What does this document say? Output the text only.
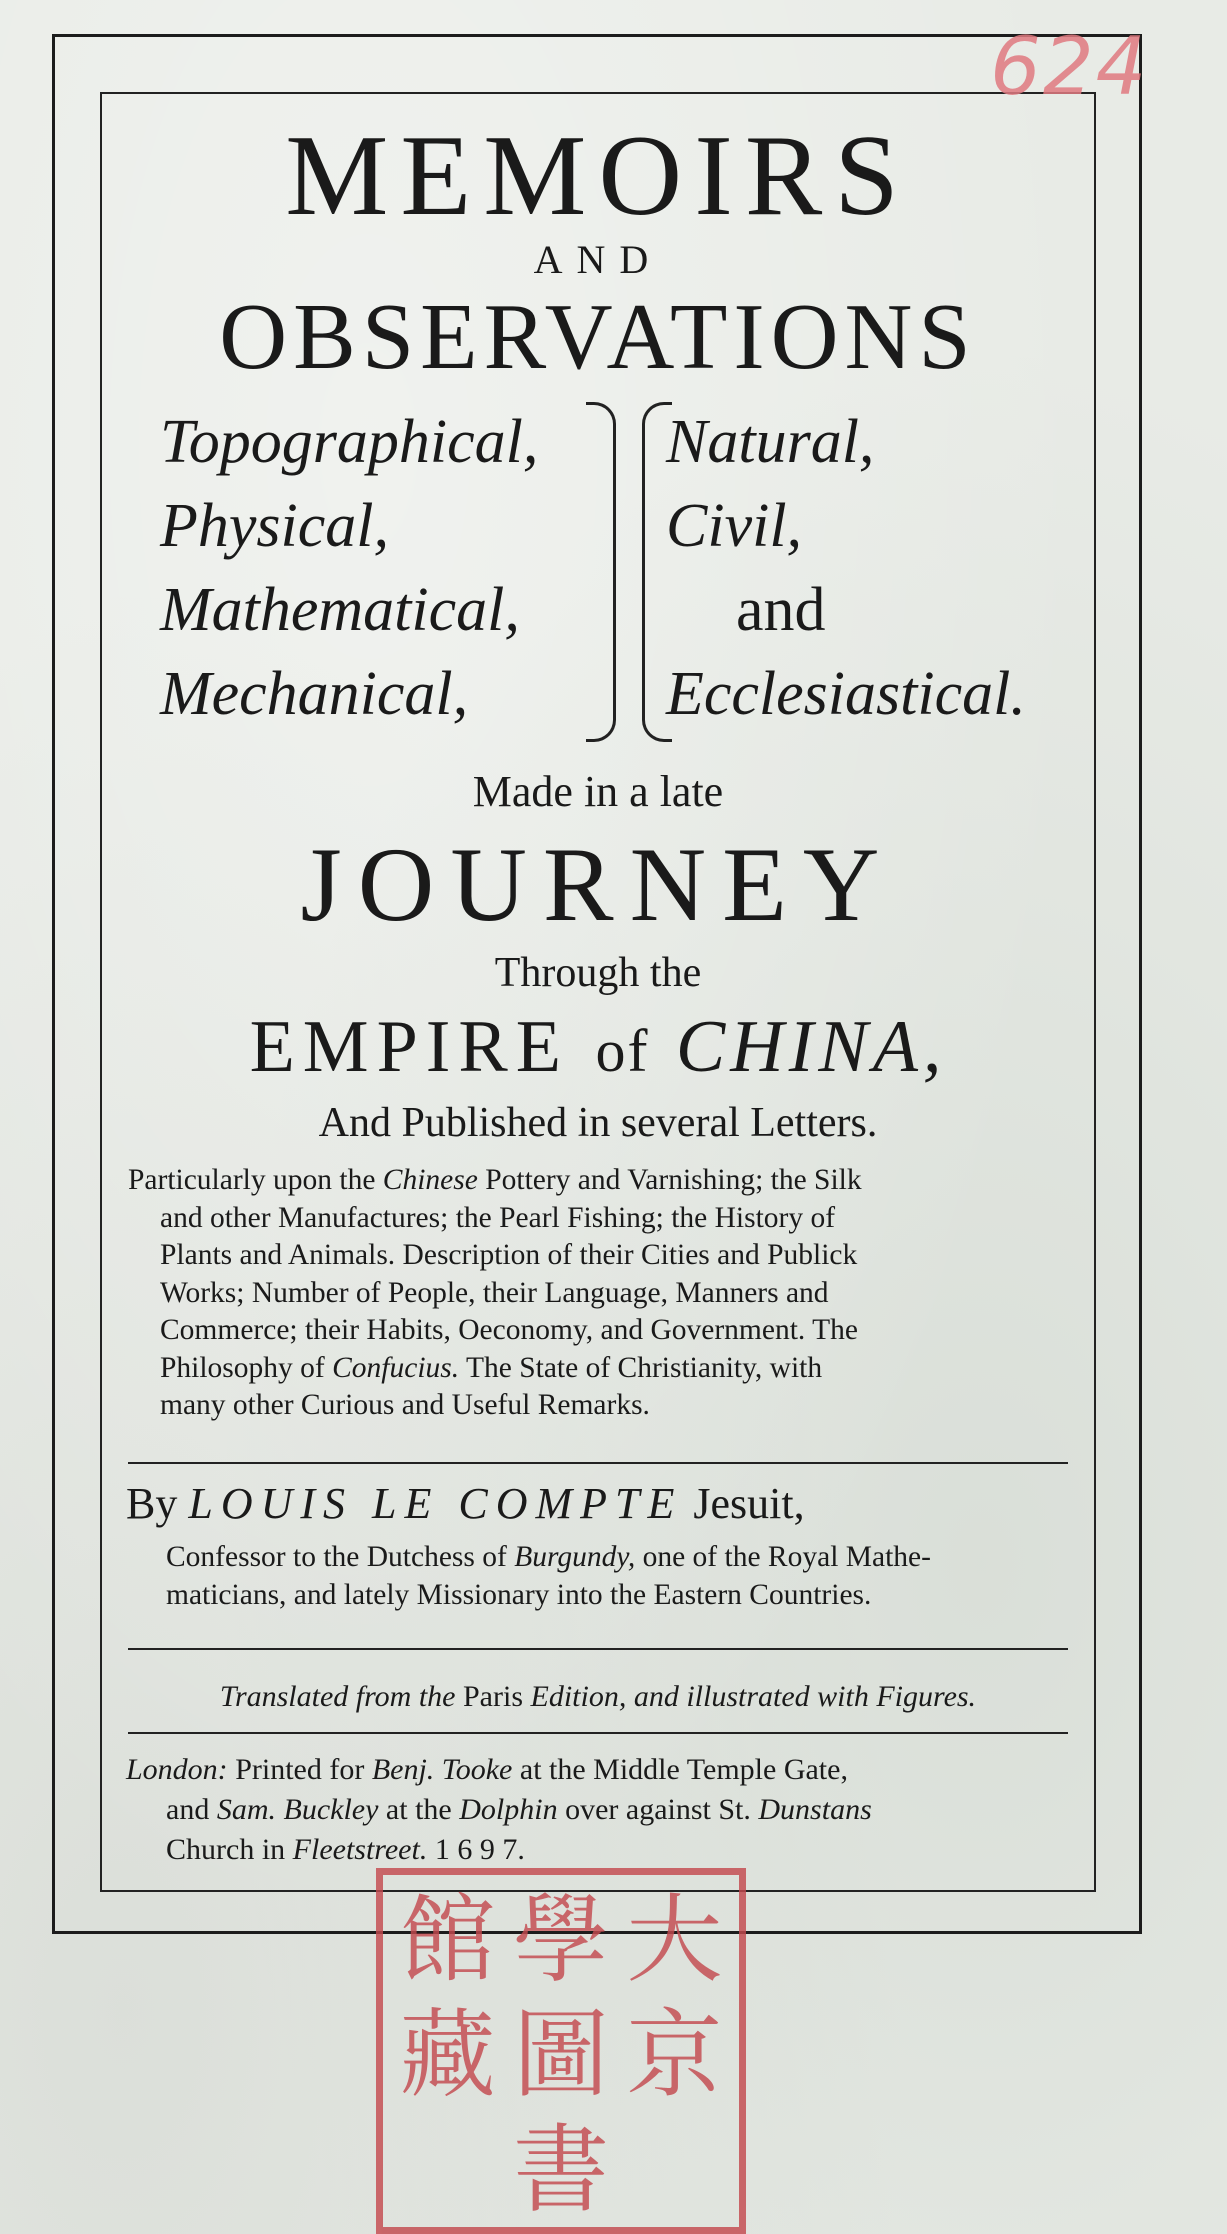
624
MEMOIRS
AND
OBSERVATIONS
Topographical,
Physical,
Mathematical,
Mechanical,
Natural,
Civil,
and
Ecclesiastical.
Made in a late
JOURNEY
Through the
EMPIRE of CHINA,
And Published in several Letters.
Particularly upon the Chinese Pottery and Varnishing; the Silk
and other Manufactures; the Pearl Fishing; the History of
Plants and Animals. Description of their Cities and Publick
Works; Number of People, their Language, Manners and
Commerce; their Habits, Oeconomy, and Government. The
Philosophy of Confucius. The State of Christianity, with
many other Curious and Useful Remarks.
By LOUIS LE COMPTE Jesuit,
Confessor to the Dutchess of Burgundy, one of the Royal Mathe-
maticians, and lately Missionary into the Eastern Countries.
Translated from the Paris Edition, and illustrated with Figures.
London: Printed for Benj. Tooke at the Middle Temple Gate,
and Sam. Buckley at the Dolphin over against St. Dunstans
Church in Fleetstreet. 1 6 9 7.
館 學 大
藏 圖 京
書
